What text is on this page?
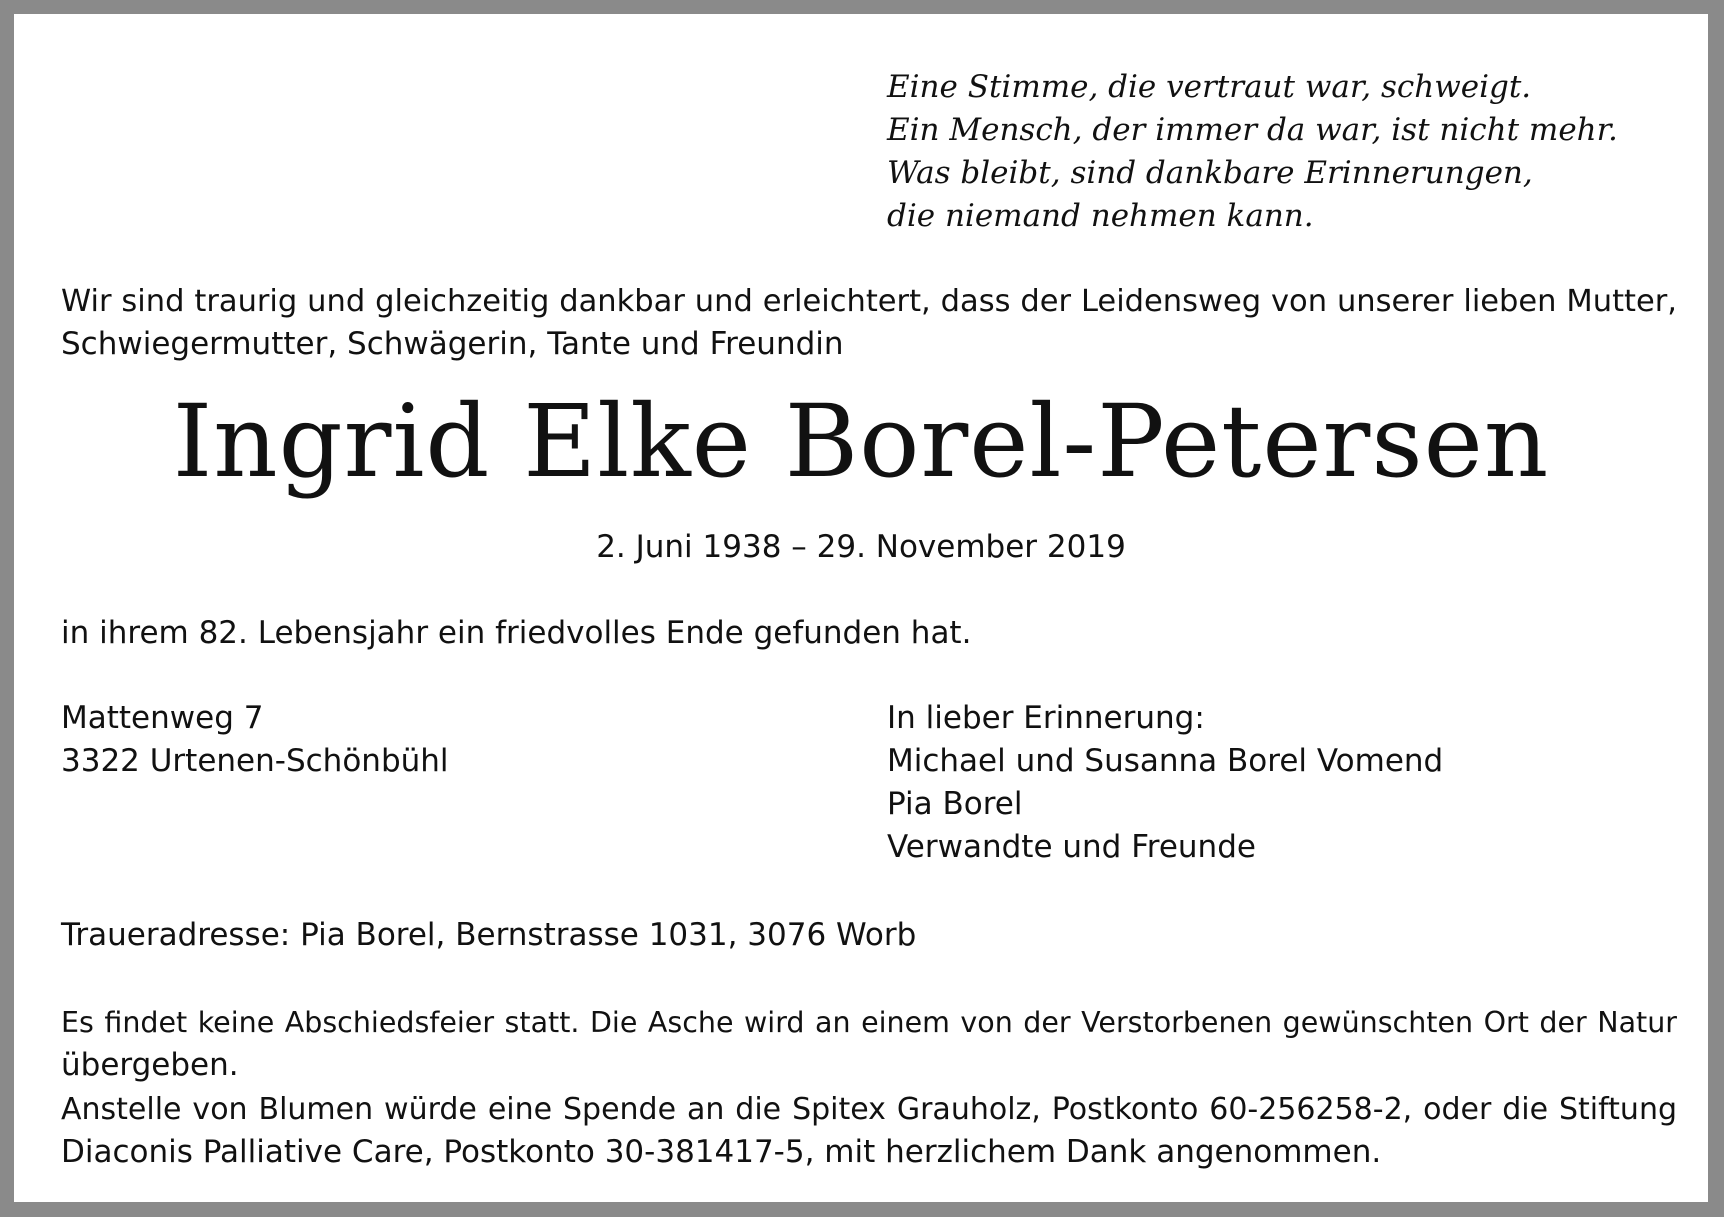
Eine Stimme, die vertraut war, schweigt.
Ein Mensch, der immer da war, ist nicht mehr.
Was bleibt, sind dankbare Erinnerungen,
die niemand nehmen kann.
Wir sind traurig und gleichzeitig dankbar und erleichtert, dass der Leidensweg von unserer lieben Mutter,
Schwiegermutter, Schwägerin, Tante und Freundin
Ingrid Elke Borel-Petersen
2. Juni 1938 – 29. November 2019
in ihrem 82. Lebensjahr ein friedvolles Ende gefunden hat.
Mattenweg 7
3322 Urtenen-Schönbühl
In lieber Erinnerung:
Michael und Susanna Borel Vomend
Pia Borel
Verwandte und Freunde
Traueradresse: Pia Borel, Bernstrasse 1031, 3076 Worb
Es findet keine Abschiedsfeier statt. Die Asche wird an einem von der Verstorbenen gewünschten Ort der Natur
übergeben.
Anstelle von Blumen würde eine Spende an die Spitex Grauholz, Postkonto 60-256258-2, oder die Stiftung
Diaconis Palliative Care, Postkonto 30-381417-5, mit herzlichem Dank angenommen.
